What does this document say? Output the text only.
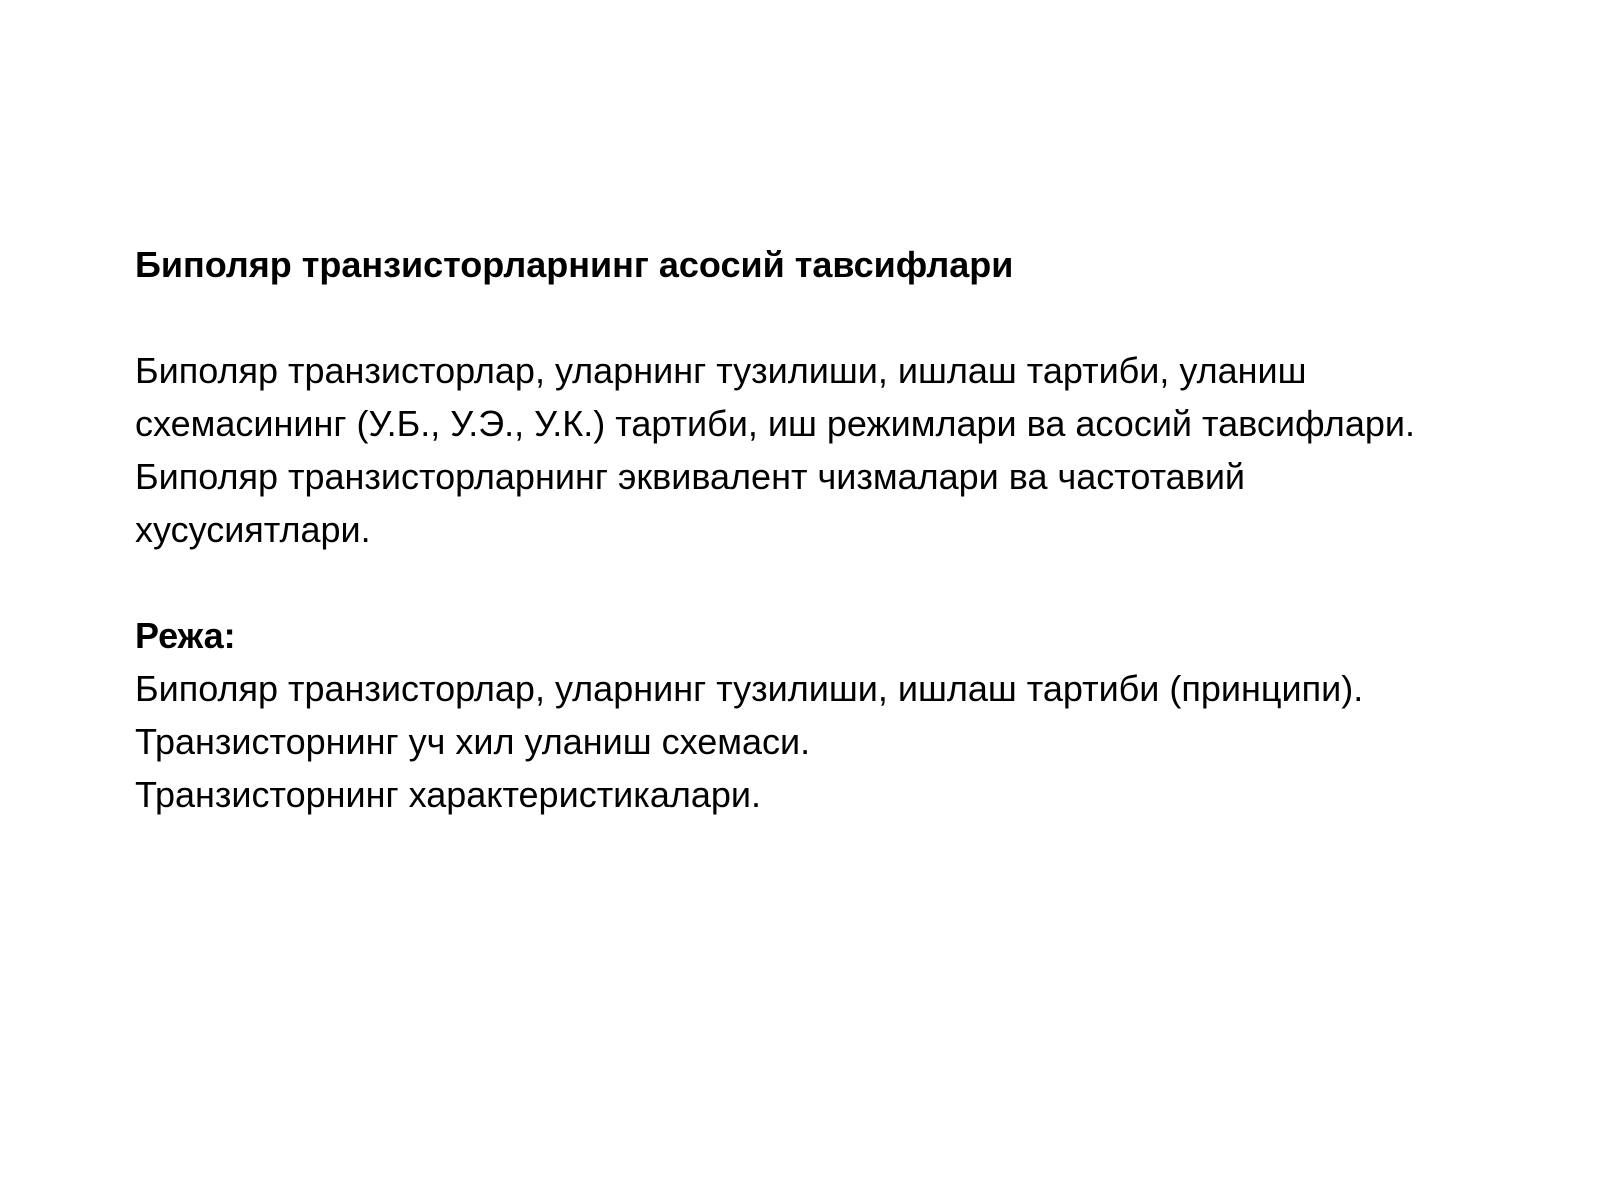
Биполяр транзисторларнинг асосий тавсифлари

Биполяр транзисторлар, уларнинг тузилиши, ишлаш тартиби, уланиш схемасининг (У.Б., У.Э., У.К.) тартиби, иш режимлари ва асосий тавсифлари. Биполяр транзисторларнинг эквивалент чизмалари ва частотавий хусусиятлари.

Режа:

Биполяр транзисторлар, уларнинг тузилиши, ишлаш тартиби (принципи).

Транзисторнинг уч хил уланиш схемаси.

Транзисторнинг характеристикалари.
